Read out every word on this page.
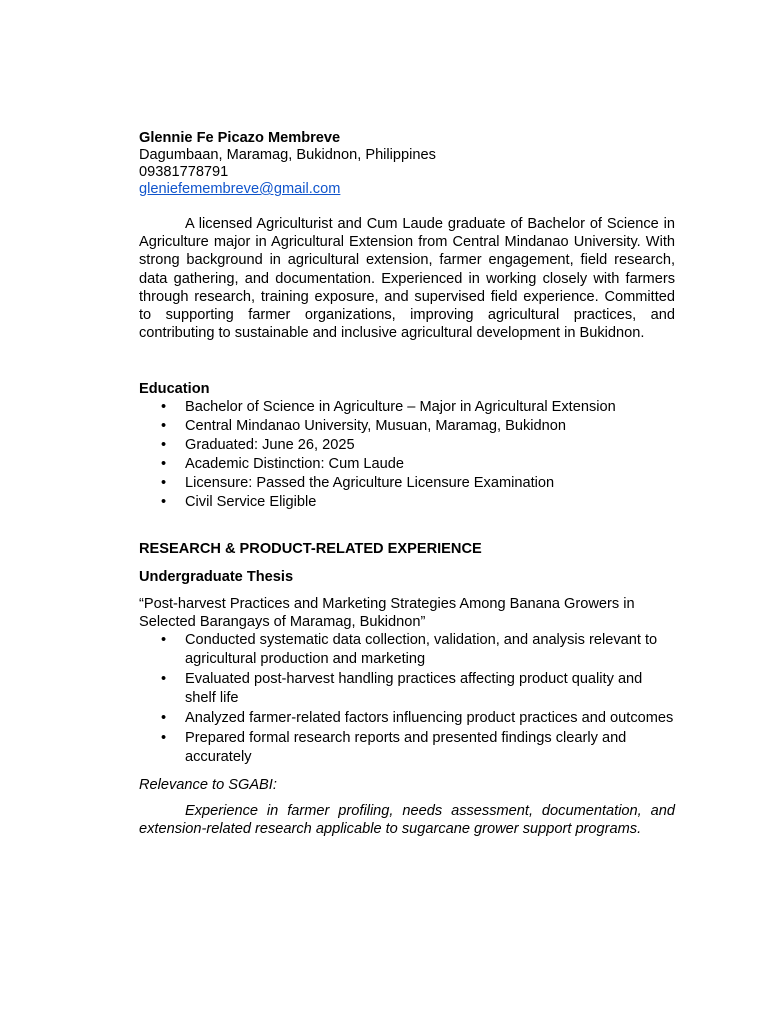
Glennie Fe Picazo Membreve
Dagumbaan, Maramag, Bukidnon, Philippines
09381778791
gleniefemembreve@gmail.com

A licensed Agriculturist and Cum Laude graduate of Bachelor of Science in Agriculture major in Agricultural Extension from Central Mindanao University. With strong background in agricultural extension, farmer engagement, field research, data gathering, and documentation. Experienced in working closely with farmers through research, training exposure, and supervised field experience. Committed to supporting farmer organizations, improving agricultural practices, and contributing to sustainable and inclusive agricultural development in Bukidnon.

Education
• Bachelor of Science in Agriculture – Major in Agricultural Extension
• Central Mindanao University, Musuan, Maramag, Bukidnon
• Graduated: June 26, 2025
• Academic Distinction: Cum Laude
• Licensure: Passed the Agriculture Licensure Examination
• Civil Service Eligible
RESEARCH & PRODUCT-RELATED EXPERIENCE
Undergraduate Thesis
“Post-harvest Practices and Marketing Strategies Among Banana Growers in Selected Barangays of Maramag, Bukidnon”
• Conducted systematic data collection, validation, and analysis relevant to agricultural production and marketing
• Evaluated post-harvest handling practices affecting product quality and shelf life
• Analyzed farmer-related factors influencing product practices and outcomes
• Prepared formal research reports and presented findings clearly and accurately
Relevance to SGABI:

Experience in farmer profiling, needs assessment, documentation, and extension-related research applicable to sugarcane grower support programs.
